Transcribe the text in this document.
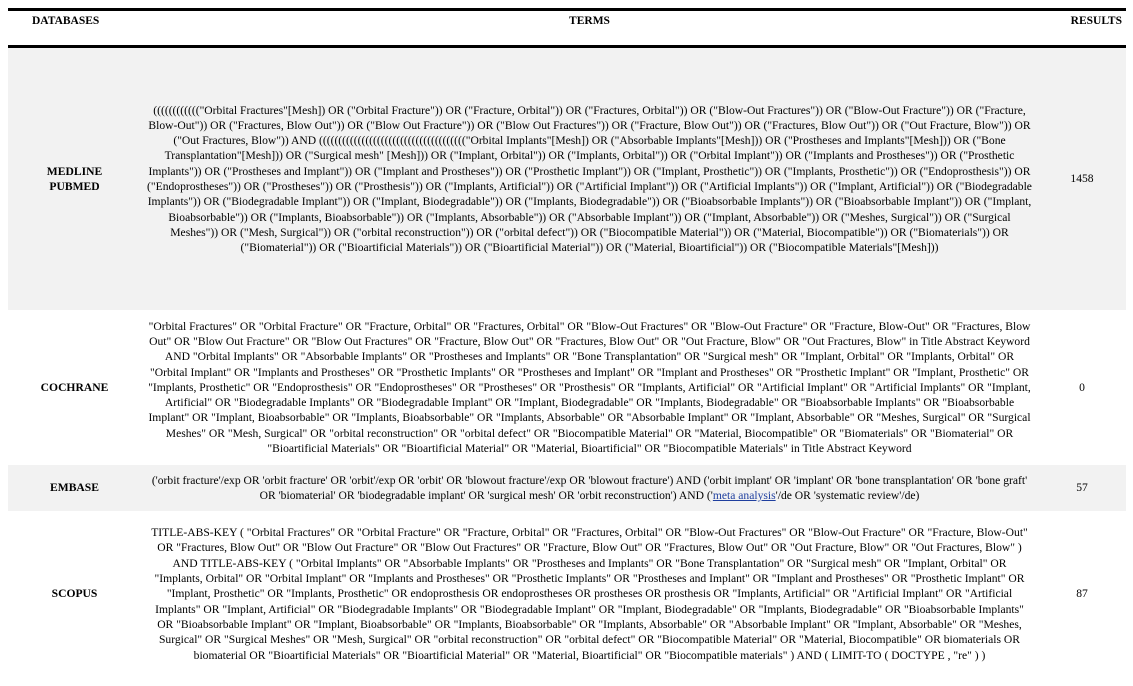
DATABASES	TERMS	RESULTS

MEDLINE
PUBMED	(((((((((((("Orbital Fractures"[Mesh]) OR ("Orbital Fracture")) OR ("Fracture, Orbital")) OR ("Fractures, Orbital")) OR ("Blow-Out Fractures")) OR ("Blow-Out Fracture")) OR ("Fracture, Blow-Out")) OR ("Fractures, Blow Out")) OR ("Blow Out Fracture")) OR ("Blow Out Fractures")) OR ("Fracture, Blow Out")) OR ("Fractures, Blow Out")) OR ("Out Fracture, Blow")) OR ("Out Fractures, Blow")) AND (((((((((((((((((((((((((((((((((((((("Orbital Implants"[Mesh]) OR ("Absorbable Implants"[Mesh])) OR ("Prostheses and Implants"[Mesh])) OR ("Bone Transplantation"[Mesh])) OR ("Surgical mesh" [Mesh])) OR ("Implant, Orbital")) OR ("Implants, Orbital")) OR ("Orbital Implant")) OR ("Implants and Prostheses")) OR ("Prosthetic Implants")) OR ("Prostheses and Implant")) OR ("Implant and Prostheses")) OR ("Prosthetic Implant")) OR ("Implant, Prosthetic")) OR ("Implants, Prosthetic")) OR ("Endoprosthesis")) OR ("Endoprostheses")) OR ("Prostheses")) OR ("Prosthesis")) OR ("Implants, Artificial")) OR ("Artificial Implant")) OR ("Artificial Implants")) OR ("Implant, Artificial")) OR ("Biodegradable Implants")) OR ("Biodegradable Implant")) OR ("Implant, Biodegradable")) OR ("Implants, Biodegradable")) OR ("Bioabsorbable Implants")) OR ("Bioabsorbable Implant")) OR ("Implant, Bioabsorbable")) OR ("Implants, Bioabsorbable")) OR ("Implants, Absorbable")) OR ("Absorbable Implant")) OR ("Implant, Absorbable")) OR ("Meshes, Surgical")) OR ("Surgical Meshes")) OR ("Mesh, Surgical")) OR ("orbital reconstruction")) OR ("orbital defect")) OR ("Biocompatible Material")) OR ("Material, Biocompatible")) OR ("Biomaterials")) OR ("Biomaterial")) OR ("Bioartificial Materials")) OR ("Bioartificial Material")) OR ("Material, Bioartificial")) OR ("Biocompatible Materials"[Mesh]))	1458

COCHRANE	"Orbital Fractures" OR "Orbital Fracture" OR "Fracture, Orbital" OR "Fractures, Orbital" OR "Blow-Out Fractures" OR "Blow-Out Fracture" OR "Fracture, Blow-Out" OR "Fractures, Blow Out" OR "Blow Out Fracture" OR "Blow Out Fractures" OR "Fracture, Blow Out" OR "Fractures, Blow Out" OR "Out Fracture, Blow" OR "Out Fractures, Blow" in Title Abstract Keyword AND "Orbital Implants" OR "Absorbable Implants" OR "Prostheses and Implants" OR "Bone Transplantation" OR "Surgical mesh" OR "Implant, Orbital" OR "Implants, Orbital" OR "Orbital Implant" OR "Implants and Prostheses" OR "Prosthetic Implants" OR "Prostheses and Implant" OR "Implant and Prostheses" OR "Prosthetic Implant" OR "Implant, Prosthetic" OR "Implants, Prosthetic" OR "Endoprosthesis" OR "Endoprostheses" OR "Prostheses" OR "Prosthesis" OR "Implants, Artificial" OR "Artificial Implant" OR "Artificial Implants" OR "Implant, Artificial" OR "Biodegradable Implants" OR "Biodegradable Implant" OR "Implant, Biodegradable" OR "Implants, Biodegradable" OR "Bioabsorbable Implants" OR "Bioabsorbable Implant" OR "Implant, Bioabsorbable" OR "Implants, Bioabsorbable" OR "Implants, Absorbable" OR "Absorbable Implant" OR "Implant, Absorbable" OR "Meshes, Surgical" OR "Surgical Meshes" OR "Mesh, Surgical" OR "orbital reconstruction" OR "orbital defect" OR "Biocompatible Material" OR "Material, Biocompatible" OR "Biomaterials" OR "Biomaterial" OR "Bioartificial Materials" OR "Bioartificial Material" OR "Material, Bioartificial" OR "Biocompatible Materials" in Title Abstract Keyword	0

EMBASE	('orbit fracture'/exp OR 'orbit fracture' OR 'orbit'/exp OR 'orbit' OR 'blowout fracture'/exp OR 'blowout fracture') AND ('orbit implant' OR 'implant' OR 'bone transplantation' OR 'bone graft' OR 'biomaterial' OR 'biodegradable implant' OR 'surgical mesh' OR 'orbit reconstruction') AND ('meta analysis'/de OR 'systematic review'/de)	57

SCOPUS	TITLE-ABS-KEY ( "Orbital Fractures" OR "Orbital Fracture" OR "Fracture, Orbital" OR "Fractures, Orbital" OR "Blow-Out Fractures" OR "Blow-Out Fracture" OR "Fracture, Blow-Out" OR "Fractures, Blow Out" OR "Blow Out Fracture" OR "Blow Out Fractures" OR "Fracture, Blow Out" OR "Fractures, Blow Out" OR "Out Fracture, Blow" OR "Out Fractures, Blow" ) AND TITLE-ABS-KEY ( "Orbital Implants" OR "Absorbable Implants" OR "Prostheses and Implants" OR "Bone Transplantation" OR "Surgical mesh" OR "Implant, Orbital" OR "Implants, Orbital" OR "Orbital Implant" OR "Implants and Prostheses" OR "Prosthetic Implants" OR "Prostheses and Implant" OR "Implant and Prostheses" OR "Prosthetic Implant" OR "Implant, Prosthetic" OR "Implants, Prosthetic" OR endoprosthesis OR endoprostheses OR prostheses OR prosthesis OR "Implants, Artificial" OR "Artificial Implant" OR "Artificial Implants" OR "Implant, Artificial" OR "Biodegradable Implants" OR "Biodegradable Implant" OR "Implant, Biodegradable" OR "Implants, Biodegradable" OR "Bioabsorbable Implants" OR "Bioabsorbable Implant" OR "Implant, Bioabsorbable" OR "Implants, Bioabsorbable" OR "Implants, Absorbable" OR "Absorbable Implant" OR "Implant, Absorbable" OR "Meshes, Surgical" OR "Surgical Meshes" OR "Mesh, Surgical" OR "orbital reconstruction" OR "orbital defect" OR "Biocompatible Material" OR "Material, Biocompatible" OR biomaterials OR biomaterial OR "Bioartificial Materials" OR "Bioartificial Material" OR "Material, Bioartificial" OR "Biocompatible materials" ) AND ( LIMIT-TO ( DOCTYPE , "re" ) )	87
